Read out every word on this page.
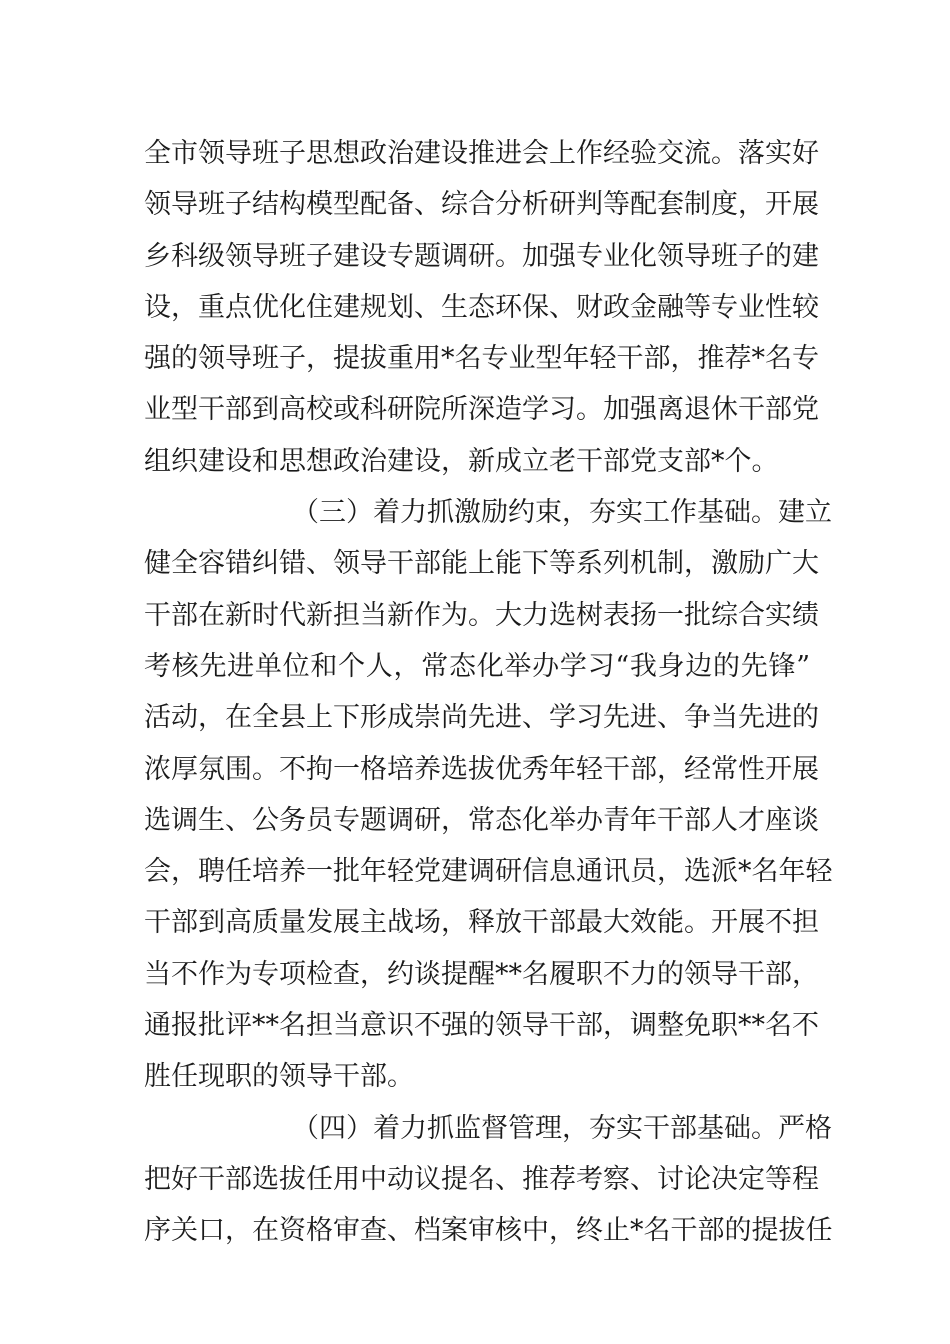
全市领导班子思想政治建设推进会上作经验交流。落实好
领导班子结构模型配备、综合分析研判等配套制度，开展
乡科级领导班子建设专题调研。加强专业化领导班子的建
设，重点优化住建规划、生态环保、财政金融等专业性较
强的领导班子，提拔重用*名专业型年轻干部，推荐*名专
业型干部到高校或科研院所深造学习。加强离退休干部党
组织建设和思想政治建设，新成立老干部党支部*个。
（三）着力抓激励约束，夯实工作基础。建立
健全容错纠错、领导干部能上能下等系列机制，激励广大
干部在新时代新担当新作为。大力选树表扬一批综合实绩
考核先进单位和个人，常态化举办学习“我身边的先锋”
活动，在全县上下形成崇尚先进、学习先进、争当先进的
浓厚氛围。不拘一格培养选拔优秀年轻干部，经常性开展
选调生、公务员专题调研，常态化举办青年干部人才座谈
会，聘任培养一批年轻党建调研信息通讯员，选派*名年轻
干部到高质量发展主战场，释放干部最大效能。开展不担
当不作为专项检查，约谈提醒**名履职不力的领导干部，
通报批评**名担当意识不强的领导干部，调整免职**名不
胜任现职的领导干部。
（四）着力抓监督管理，夯实干部基础。严格
把好干部选拔任用中动议提名、推荐考察、讨论决定等程
序关口，在资格审查、档案审核中，终止*名干部的提拔任
